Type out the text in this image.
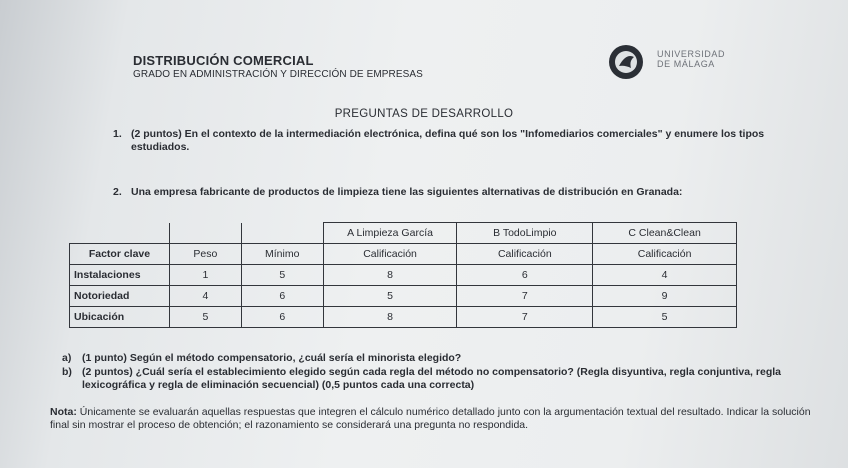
DISTRIBUCIÓN COMERCIAL
GRADO EN ADMINISTRACIÓN Y DIRECCIÓN DE EMPRESAS
UNIVERSIDAD
DE MÁLAGA
PREGUNTAS DE DESARROLLO
1. (2 puntos) En el contexto de la intermediación electrónica, defina qué son los "Infomediarios comerciales" y enumere los tipos estudiados.
2. Una empresa fabricante de productos de limpieza tiene las siguientes alternativas de distribución en Granada:
			A Limpieza García	B TodoLimpio	C Clean&Clean
Factor clave	Peso	Mínimo	Calificación	Calificación	Calificación
Instalaciones	1	5	8	6	4
Notoriedad	4	6	5	7	9
Ubicación	5	6	8	7	5
a) (1 punto) Según el método compensatorio, ¿cuál sería el minorista elegido?
b) (2 puntos) ¿Cuál sería el establecimiento elegido según cada regla del método no compensatorio? (Regla disyuntiva, regla conjuntiva, regla lexicográfica y regla de eliminación secuencial) (0,5 puntos cada una correcta)
Nota: Únicamente se evaluarán aquellas respuestas que integren el cálculo numérico detallado junto con la argumentación textual del resultado. Indicar la solución final sin mostrar el proceso de obtención; el razonamiento se considerará una pregunta no respondida.
